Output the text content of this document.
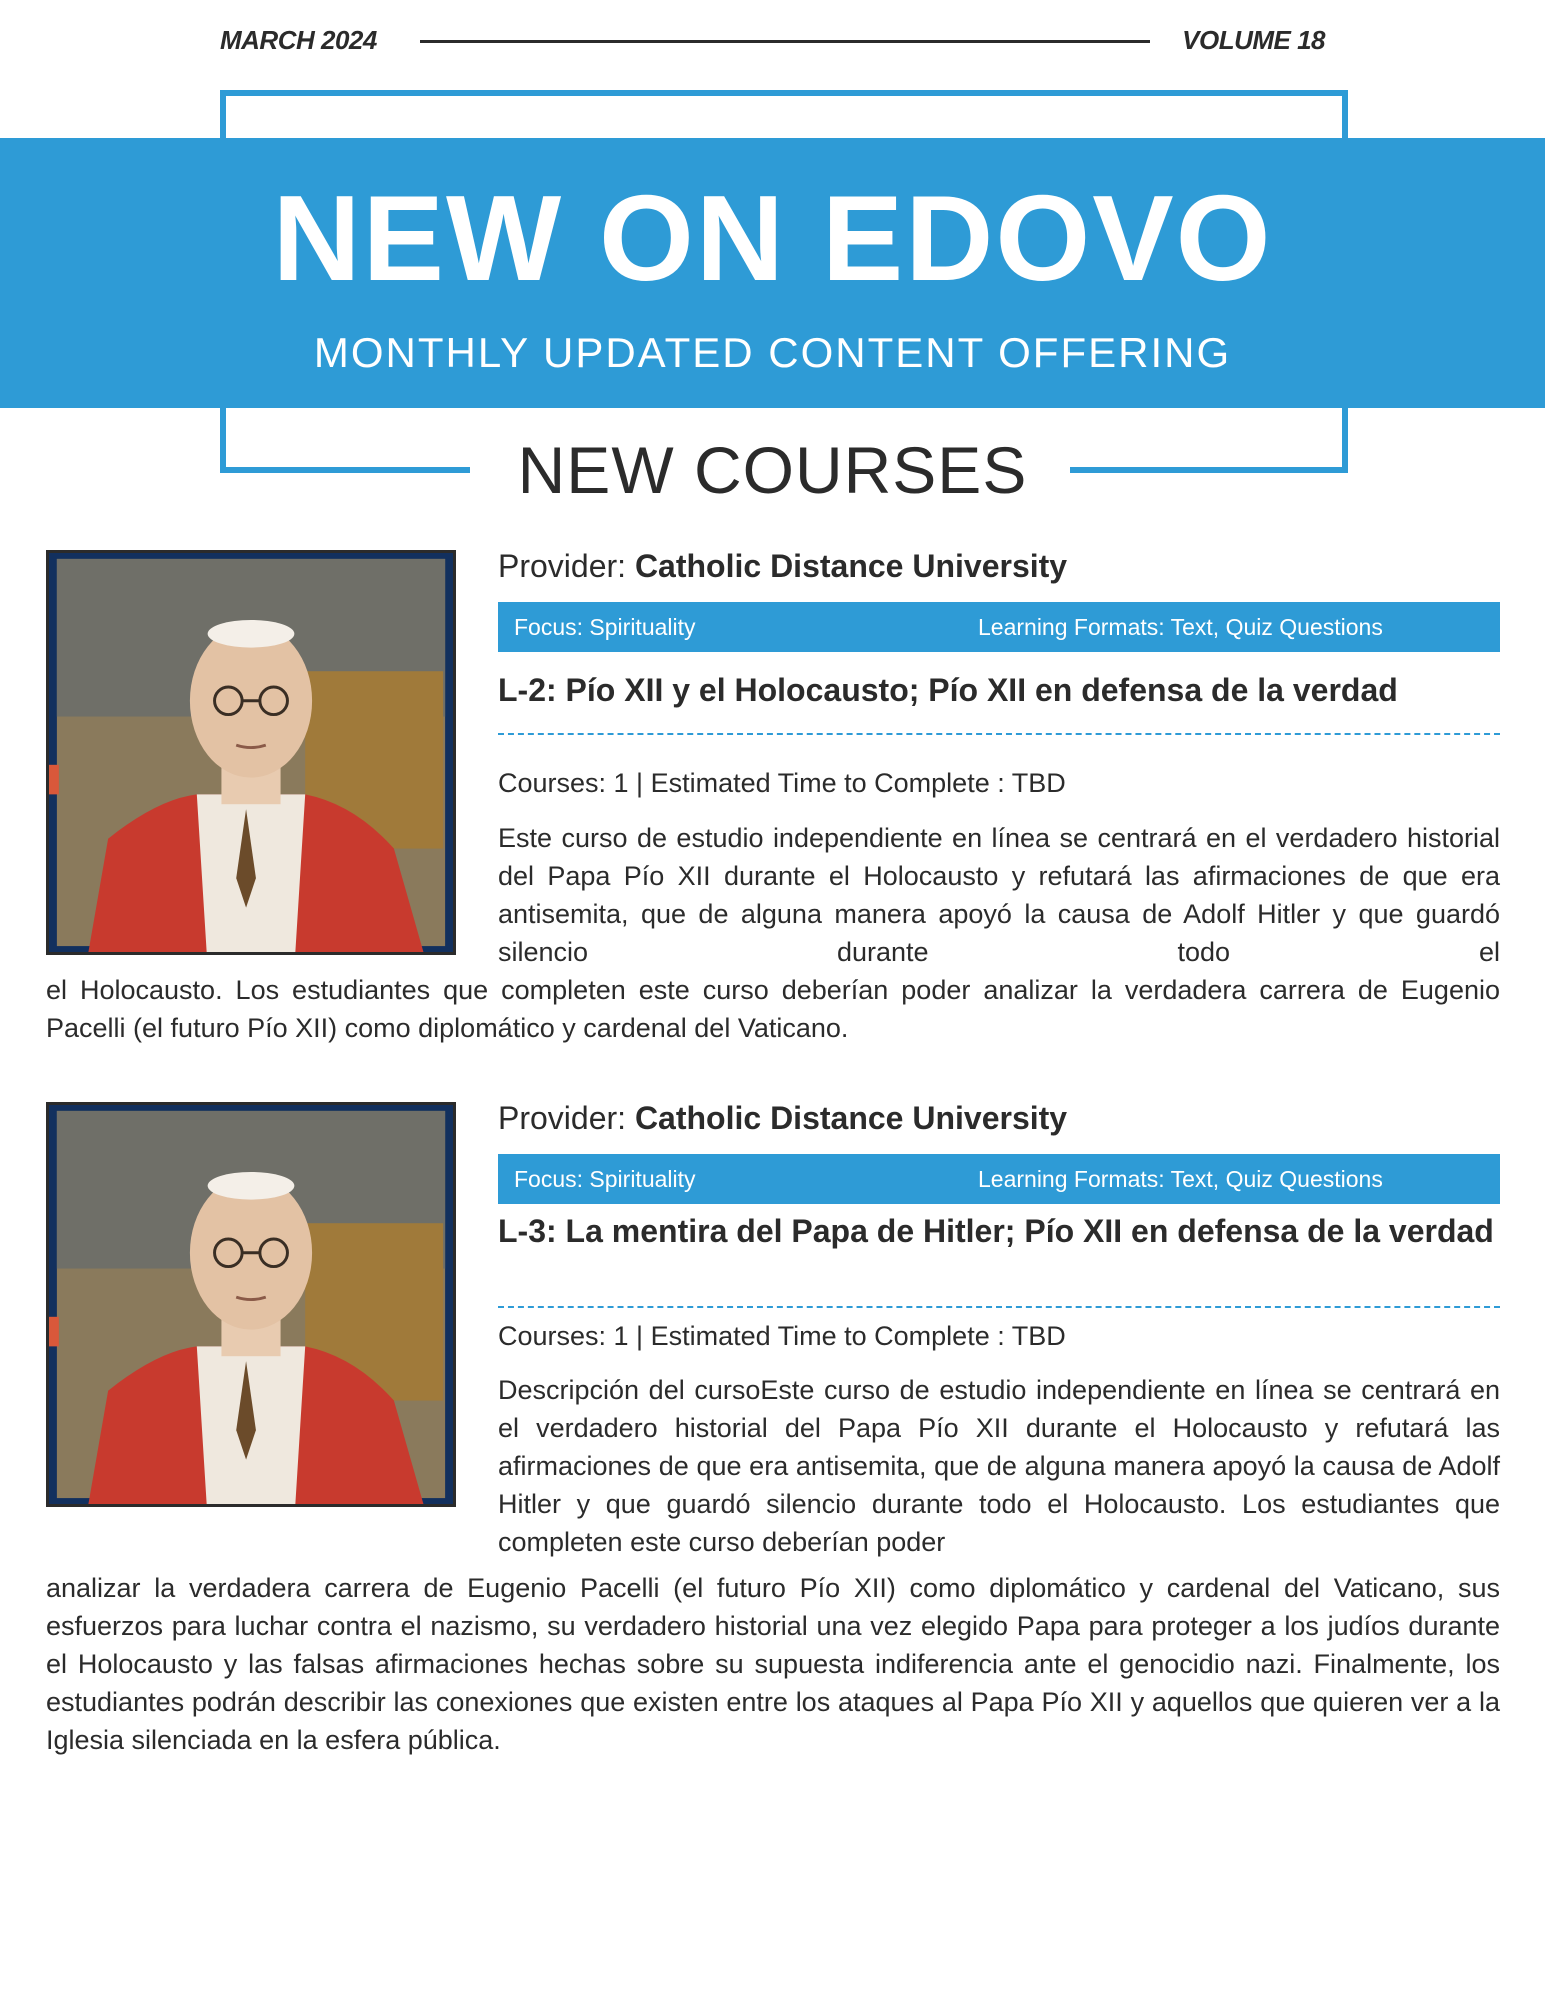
MARCH 2024	VOLUME 18
NEW ON EDOVO
MONTHLY UPDATED CONTENT OFFERING
NEW COURSES
Provider: Catholic Distance University
Focus: Spirituality	Learning Formats: Text, Quiz Questions
L-2: Pío XII y el Holocausto; Pío XII en defensa de la verdad
Courses: 1 | Estimated Time to Complete : TBD
Este curso de estudio independiente en línea se centrará en el verdadero historial del Papa Pío XII durante el Holocausto y refutará las afirmaciones de que era antisemita, que de alguna manera apoyó la causa de Adolf Hitler y que guardó silencio durante todo el
el Holocausto. Los estudiantes que completen este curso deberían poder analizar la verdadera carrera de Eugenio Pacelli (el futuro Pío XII) como diplomático y cardenal del Vaticano.
Provider: Catholic Distance University
Focus: Spirituality	Learning Formats: Text, Quiz Questions
L-3: La mentira del Papa de Hitler; Pío XII en defensa de la verdad
Courses: 1 | Estimated Time to Complete : TBD
Descripción del cursoEste curso de estudio independiente en línea se centrará en el verdadero historial del Papa Pío XII durante el Holocausto y refutará las afirmaciones de que era antisemita, que de alguna manera apoyó la causa de Adolf Hitler y que guardó silencio durante todo el Holocausto. Los estudiantes que completen este curso deberían poder
analizar la verdadera carrera de Eugenio Pacelli (el futuro Pío XII) como diplomático y cardenal del Vaticano, sus esfuerzos para luchar contra el nazismo, su verdadero historial una vez elegido Papa para proteger a los judíos durante el Holocausto y las falsas afirmaciones hechas sobre su supuesta indiferencia ante el genocidio nazi. Finalmente, los estudiantes podrán describir las conexiones que existen entre los ataques al Papa Pío XII y aquellos que quieren ver a la Iglesia silenciada en la esfera pública.
